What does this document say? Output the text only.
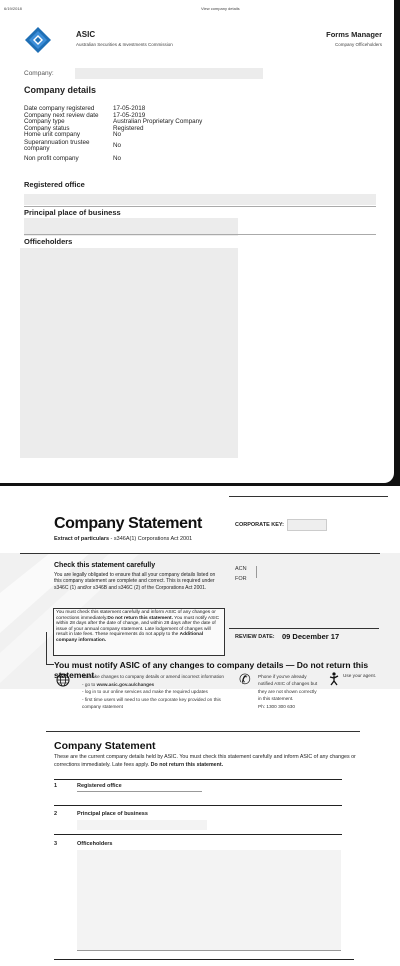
6/19/2018	View company details
ASIC
Australian Securities & Investments Commission
Forms Manager
Company Officeholders
Company:
Company details
Date company registered	17-05-2018
Company next review date	17-05-2019
Company type	Australian Proprietary Company
Company status	Registered
Home unit company	No
Superannuation trustee company	No
Non profit company	No
Registered office
Principal place of business
Officeholders
Company Statement
Extract of particulars - s346A(1) Corporations Act 2001
CORPORATE KEY:
Check this statement carefully
You are legally obligated to ensure that all your company details listed on this company statement are complete and correct. This is required under s346C (1) and/or s346B and s346C (2) of the Corporations Act 2001.
You must check this statement carefully and inform ASIC of any changes or corrections immediately.Do not return this statement. You must notify ASIC within 28 days after the date of change, and within 28 days after the date of issue of your annual company statement. Late lodgement of changes will result in late fees. These requirements do not apply to the Additional company information.
ACN
FOR
REVIEW DATE: 09 December 17
You must notify ASIC of any changes to company details — Do not return this statement
To make changes to company details or amend incorrect information
- go to www.asic.gov.au/changes
- log in to our online services and make the required updates
- first time users will need to use the corporate key provided on this
company statement
✆ Phone if you've already
notified ASIC of changes but
they are not shown correctly
in this statement.
Ph: 1300 300 630
Use your agent.
Company Statement
These are the current company details held by ASIC. You must check this statement carefully and inform ASIC of any changes or corrections immediately. Late fees apply. Do not return this statement.
1	Registered office
2	Principal place of business
3	Officeholders
